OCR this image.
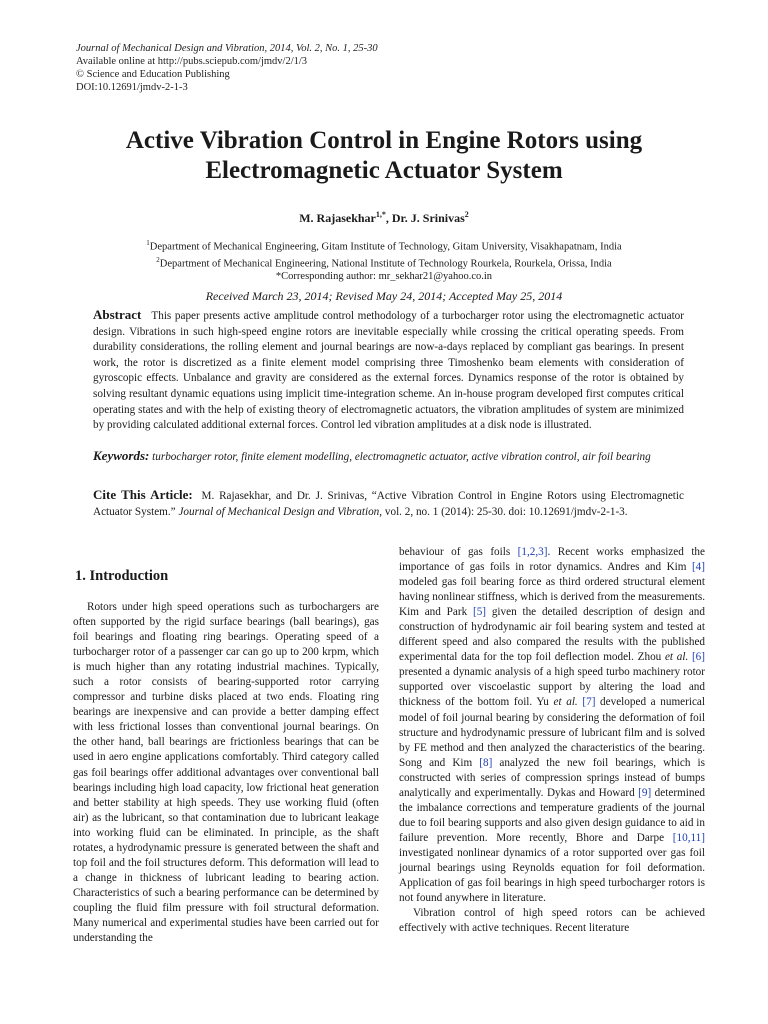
Journal of Mechanical Design and Vibration, 2014, Vol. 2, No. 1, 25-30
Available online at http://pubs.sciepub.com/jmdv/2/1/3
© Science and Education Publishing
DOI:10.12691/jmdv-2-1-3
Active Vibration Control in Engine Rotors using
Electromagnetic Actuator System
M. Rajasekhar$^{1,*}$, Dr. J. Srinivas$^2$
$^1$Department of Mechanical Engineering, Gitam Institute of Technology, Gitam University, Visakhapatnam, India
$^2$Department of Mechanical Engineering, National Institute of Technology Rourkela, Rourkela, Orissa, India
*Corresponding author: mr_sekhar21@yahoo.co.in
Received March 23, 2014; Revised May 24, 2014; Accepted May 25, 2014
Abstract This paper presents active amplitude control methodology of a turbocharger rotor using the electromagnetic actuator design. Vibrations in such high-speed engine rotors are inevitable especially while crossing the critical operating speeds. From durability considerations, the rolling element and journal bearings are now-a-days replaced by compliant gas bearings. In present work, the rotor is discretized as a finite element model comprising three Timoshenko beam elements with consideration of gyroscopic effects. Unbalance and gravity are considered as the external forces. Dynamics response of the rotor is obtained by solving resultant dynamic equations using implicit time-integration scheme. An in-house program developed first computes critical operating states and with the help of existing theory of electromagnetic actuators, the vibration amplitudes of system are minimized by providing calculated additional external forces. Control led vibration amplitudes at a disk node is illustrated.
Keywords: turbocharger rotor, finite element modelling, electromagnetic actuator, active vibration control, air foil bearing
Cite This Article: M. Rajasekhar, and Dr. J. Srinivas, “Active Vibration Control in Engine Rotors using Electromagnetic Actuator System.” Journal of Mechanical Design and Vibration, vol. 2, no. 1 (2014): 25-30. doi: 10.12691/jmdv-2-1-3.
1. Introduction

Rotors under high speed operations such as turbochargers are often supported by the rigid surface bearings (ball bearings), gas foil bearings and floating ring bearings. Operating speed of a turbocharger rotor of a passenger car can go up to 200 krpm, which is much higher than any rotating industrial machines. Typically, such a rotor consists of bearing-supported rotor carrying compressor and turbine disks placed at two ends. Floating ring bearings are inexpensive and can provide a better damping effect with less frictional losses than conventional journal bearings. On the other hand, ball bearings are frictionless bearings that can be used in aero engine applications comfortably. Third category called gas foil bearings offer additional advantages over conventional ball bearings including high load capacity, low frictional heat generation and better stability at high speeds. They use working fluid (often air) as the lubricant, so that contamination due to lubricant leakage into working fluid can be eliminated. In principle, as the shaft rotates, a hydrodynamic pressure is generated between the shaft and top foil and the foil structures deform. This deformation will lead to a change in thickness of lubricant leading to bearing action. Characteristics of such a bearing performance can be determined by coupling the fluid film pressure with foil structural deformation. Many numerical and experimental studies have been carried out for understanding the

behaviour of gas foils [1,2,3]. Recent works emphasized the importance of gas foils in rotor dynamics. Andres and Kim [4] modeled gas foil bearing force as third ordered structural element having nonlinear stiffness, which is derived from the measurements. Kim and Park [5] given the detailed description of design and construction of hydrodynamic air foil bearing system and tested at different speed and also compared the results with the published experimental data for the top foil deflection model. Zhou et al. [6] presented a dynamic analysis of a high speed turbo machinery rotor supported over viscoelastic support by altering the load and thickness of the bottom foil. Yu et al. [7] developed a numerical model of foil journal bearing by considering the deformation of foil structure and hydrodynamic pressure of lubricant film and is solved by FE method and then analyzed the characteristics of the bearing. Song and Kim [8] analyzed the new foil bearings, which is constructed with series of compression springs instead of bumps analytically and experimentally. Dykas and Howard [9] determined the imbalance corrections and temperature gradients of the journal due to foil bearing supports and also given design guidance to aid in failure prevention. More recently, Bhore and Darpe [10,11] investigated nonlinear dynamics of a rotor supported over gas foil journal bearings using Reynolds equation for foil deformation. Application of gas foil bearings in high speed turbocharger rotors is not found anywhere in literature.

Vibration control of high speed rotors can be achieved effectively with active techniques. Recent literature
